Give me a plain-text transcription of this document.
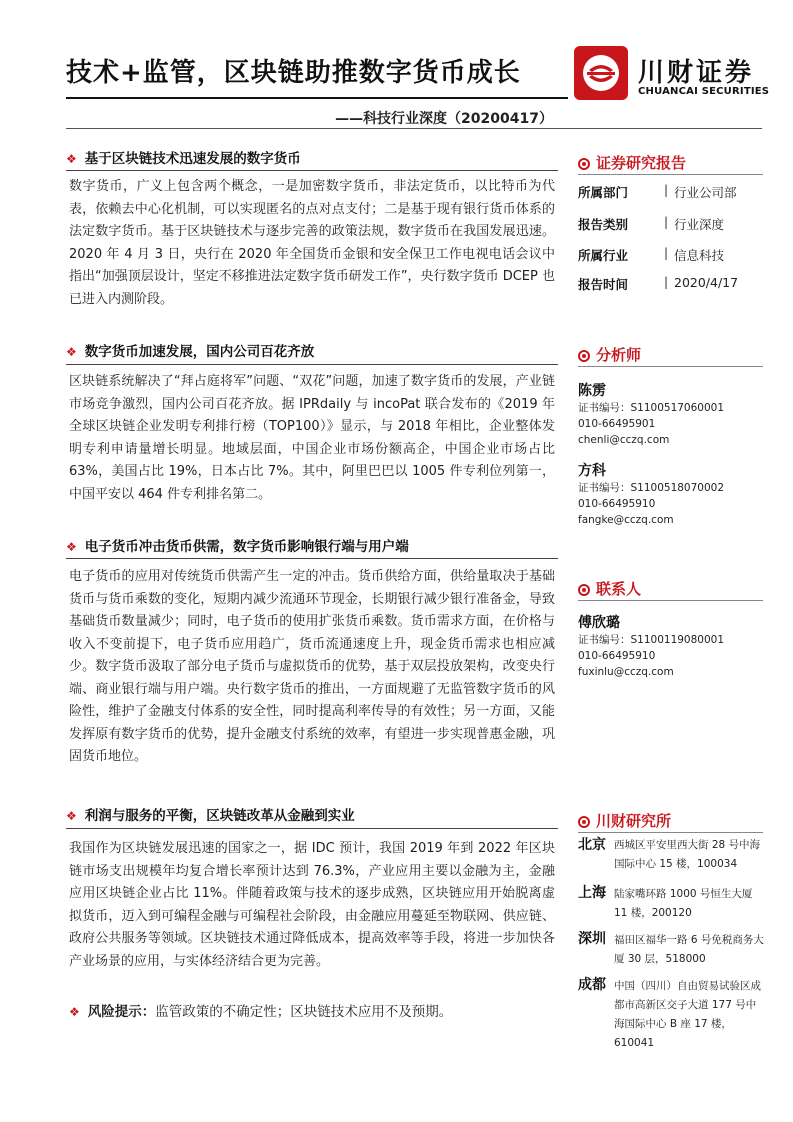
技术+监管，区块链助推数字货币成长
——科技行业深度（20200417）
川财证券
CHUANCAI SECURITIES
❖ 基于区块链技术迅速发展的数字货币
数字货币，广义上包含两个概念，一是加密数字货币，非法定货币，以比特币为代表，依赖去中心化机制，可以实现匿名的点对点支付；二是基于现有银行货币体系的法定数字货币。基于区块链技术与逐步完善的政策法规，数字货币在我国发展迅速。2020 年 4 月 3 日，央行在 2020 年全国货币金银和安全保卫工作电视电话会议中指出“加强顶层设计，坚定不移推进法定数字货币研发工作”，央行数字货币 DCEP 也已进入内测阶段。
❖ 数字货币加速发展，国内公司百花齐放
区块链系统解决了“拜占庭将军”问题、“双花”问题，加速了数字货币的发展，产业链市场竞争激烈，国内公司百花齐放。据 IPRdaily 与 incoPat 联合发布的《2019 年全球区块链企业发明专利排行榜（TOP100）》显示，与 2018 年相比，企业整体发明专利申请量增长明显。地域层面，中国企业市场份额高企，中国企业市场占比 63%，美国占比 19%，日本占比 7%。其中，阿里巴巴以 1005 件专利位列第一，中国平安以 464 件专利排名第二。
❖ 电子货币冲击货币供需，数字货币影响银行端与用户端
电子货币的应用对传统货币供需产生一定的冲击。货币供给方面，供给量取决于基础货币与货币乘数的变化，短期内减少流通环节现金，长期银行减少银行准备金，导致基础货币数量减少；同时，电子货币的使用扩张货币乘数。货币需求方面，在价格与收入不变前提下，电子货币应用趋广，货币流通速度上升，现金货币需求也相应减少。数字货币汲取了部分电子货币与虚拟货币的优势，基于双层投放架构，改变央行端、商业银行端与用户端。央行数字货币的推出，一方面规避了无监管数字货币的风险性，维护了金融支付体系的安全性，同时提高利率传导的有效性；另一方面，又能发挥原有数字货币的优势，提升金融支付系统的效率，有望进一步实现普惠金融，巩固货币地位。
❖ 利润与服务的平衡，区块链改革从金融到实业
我国作为区块链发展迅速的国家之一，据 IDC 预计，我国 2019 年到 2022 年区块链市场支出规模年均复合增长率预计达到 76.3%，产业应用主要以金融为主，金融应用区块链企业占比 11%。伴随着政策与技术的逐步成熟，区块链应用开始脱离虚拟货币，迈入到可编程金融与可编程社会阶段，由金融应用蔓延至物联网、供应链、政府公共服务等领域。区块链技术通过降低成本，提高效率等手段，将进一步加快各产业场景的应用，与实体经济结合更为完善。
❖ 风险提示：监管政策的不确定性；区块链技术应用不及预期。
证券研究报告
所属部门	| 行业公司部
报告类别	| 行业深度
所属行业	| 信息科技
报告时间	| 2020/4/17
分析师
陈雳
证书编号：S1100517060001
010-66495901
chenli@cczq.com
方科
证书编号：S1100518070002
010-66495910
fangke@cczq.com
联系人
傅欣璐
证书编号：S1100119080001
010-66495910
fuxinlu@cczq.com
川财研究所
北京 西城区平安里西大街 28 号中海国际中心 15 楼，100034
上海 陆家嘴环路 1000 号恒生大厦 11 楼，200120
深圳 福田区福华一路 6 号免税商务大厦 30 层，518000
成都 中国（四川）自由贸易试验区成都市高新区交子大道 177 号中海国际中心 B 座 17 楼，610041
